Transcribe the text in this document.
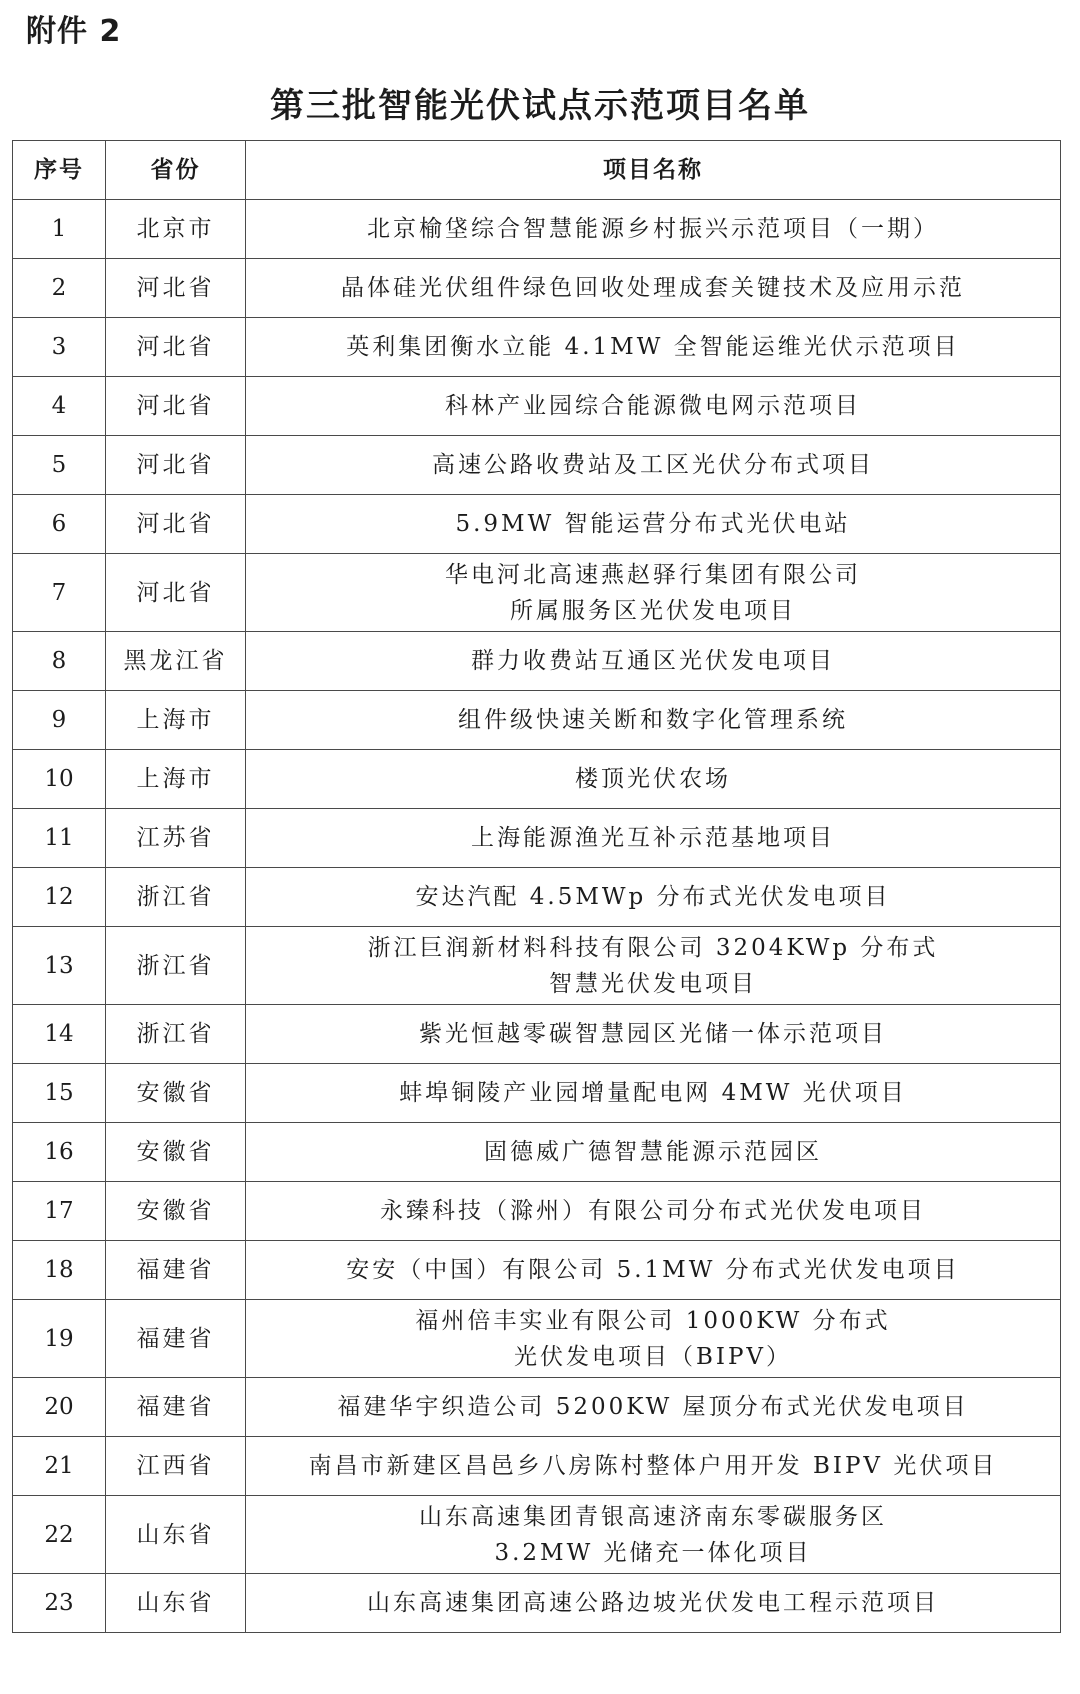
附件 2
第三批智能光伏试点示范项目名单
序号	省份	项目名称
1	北京市	北京榆垡综合智慧能源乡村振兴示范项目（一期）

2	河北省	晶体硅光伏组件绿色回收处理成套关键技术及应用示范

3	河北省	英利集团衡水立能 4.1MW 全智能运维光伏示范项目

4	河北省	科林产业园综合能源微电网示范项目

5	河北省	高速公路收费站及工区光伏分布式项目

6	河北省	5.9MW 智能运营分布式光伏电站

7	河北省	华电河北高速燕赵驿行集团有限公司
所属服务区光伏发电项目

8	黑龙江省	群力收费站互通区光伏发电项目

9	上海市	组件级快速关断和数字化管理系统

10	上海市	楼顶光伏农场

11	江苏省	上海能源渔光互补示范基地项目

12	浙江省	安达汽配 4.5MWp 分布式光伏发电项目

13	浙江省	浙江巨润新材料科技有限公司 3204KWp 分布式
智慧光伏发电项目

14	浙江省	紫光恒越零碳智慧园区光储一体示范项目

15	安徽省	蚌埠铜陵产业园增量配电网 4MW 光伏项目

16	安徽省	固德威广德智慧能源示范园区

17	安徽省	永臻科技（滁州）有限公司分布式光伏发电项目

18	福建省	安安（中国）有限公司 5.1MW 分布式光伏发电项目

19	福建省	福州倍丰实业有限公司 1000KW 分布式
光伏发电项目（BIPV）

20	福建省	福建华宇织造公司 5200KW 屋顶分布式光伏发电项目

21	江西省	南昌市新建区昌邑乡八房陈村整体户用开发 BIPV 光伏项目

22	山东省	山东高速集团青银高速济南东零碳服务区
3.2MW 光储充一体化项目

23	山东省	山东高速集团高速公路边坡光伏发电工程示范项目
